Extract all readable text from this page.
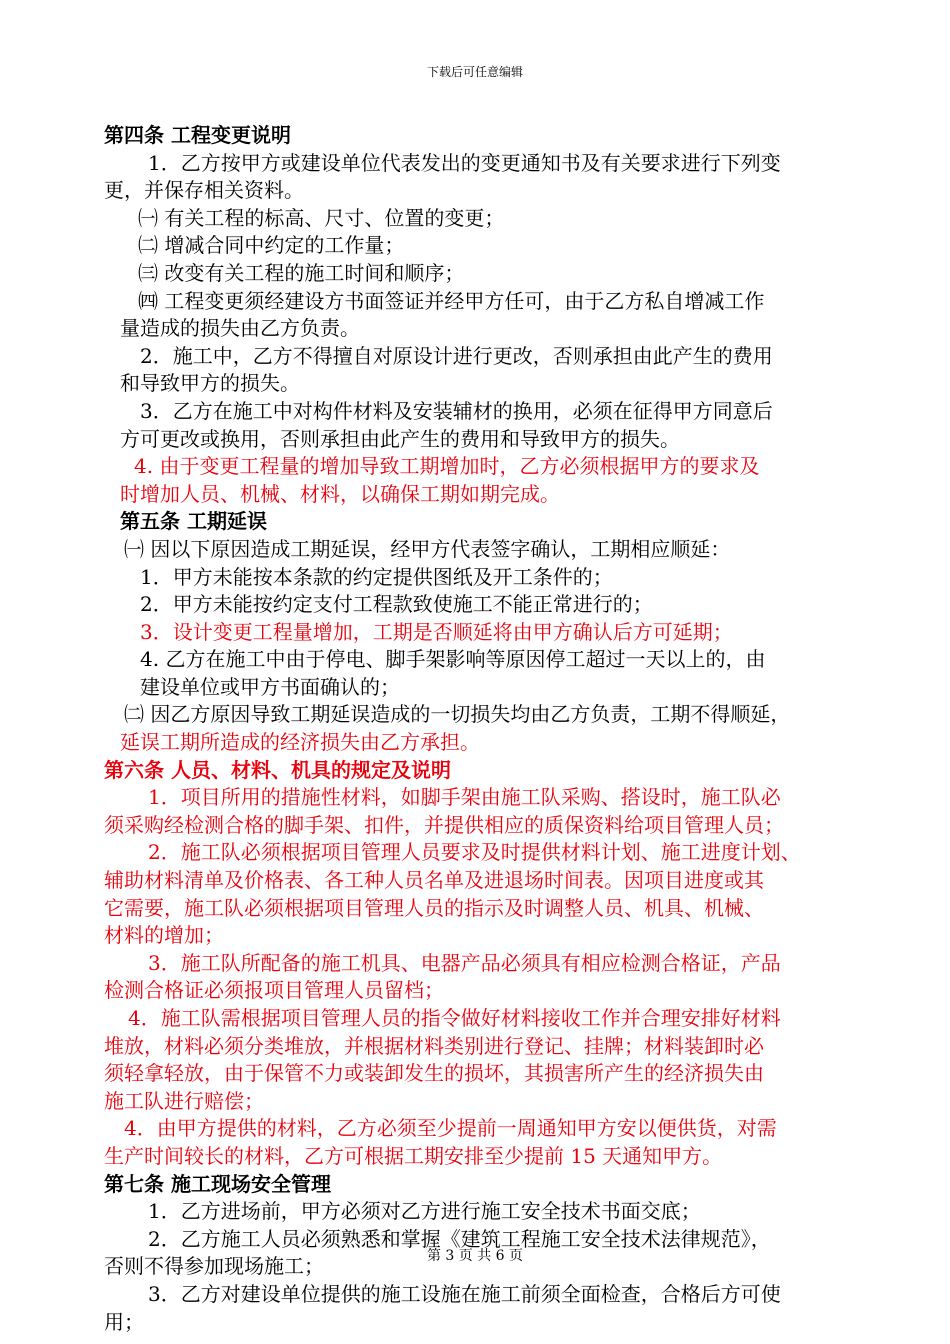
下载后可任意编辑
第四条 工程变更说明
1．乙方按甲方或建设单位代表发出的变更通知书及有关要求进行下列变
更，并保存相关资料。
㈠ 有关工程的标高、尺寸、位置的变更；
㈡ 增减合同中约定的工作量；
㈢ 改变有关工程的施工时间和顺序；
㈣ 工程变更须经建设方书面签证并经甲方任可，由于乙方私自增减工作
量造成的损失由乙方负责。
2．施工中，乙方不得擅自对原设计进行更改，否则承担由此产生的费用
和导致甲方的损失。
3．乙方在施工中对构件材料及安装辅材的换用，必须在征得甲方同意后
方可更改或换用，否则承担由此产生的费用和导致甲方的损失。
4. 由于变更工程量的增加导致工期增加时，乙方必须根据甲方的要求及
时增加人员、机械、材料，以确保工期如期完成。
第五条 工期延误
㈠ 因以下原因造成工期延误，经甲方代表签字确认，工期相应顺延：
1．甲方未能按本条款的约定提供图纸及开工条件的；
2．甲方未能按约定支付工程款致使施工不能正常进行的；
3．设计变更工程量增加，工期是否顺延将由甲方确认后方可延期；
4. 乙方在施工中由于停电、脚手架影响等原因停工超过一天以上的，由
建设单位或甲方书面确认的；
㈡ 因乙方原因导致工期延误造成的一切损失均由乙方负责，工期不得顺延，
延误工期所造成的经济损失由乙方承担。
第六条 人员、材料、机具的规定及说明
1．项目所用的措施性材料，如脚手架由施工队采购、搭设时，施工队必
须采购经检测合格的脚手架、扣件，并提供相应的质保资料给项目管理人员；
2．施工队必须根据项目管理人员要求及时提供材料计划、施工进度计划、
辅助材料清单及价格表、各工种人员名单及进退场时间表。因项目进度或其
它需要，施工队必须根据项目管理人员的指示及时调整人员、机具、机械、
材料的增加；
3．施工队所配备的施工机具、电器产品必须具有相应检测合格证，产品
检测合格证必须报项目管理人员留档；
4．施工队需根据项目管理人员的指令做好材料接收工作并合理安排好材料
堆放，材料必须分类堆放，并根据材料类别进行登记、挂牌；材料装卸时必
须轻拿轻放，由于保管不力或装卸发生的损坏，其损害所产生的经济损失由
施工队进行赔偿；
4．由甲方提供的材料，乙方必须至少提前一周通知甲方安以便供货，对需
生产时间较长的材料，乙方可根据工期安排至少提前 15 天通知甲方。
第七条 施工现场安全管理
1．乙方进场前，甲方必须对乙方进行施工安全技术书面交底；
2．乙方施工人员必须熟悉和掌握《建筑工程施工安全技术法律规范》，
否则不得参加现场施工；
3．乙方对建设单位提供的施工设施在施工前须全面检查，合格后方可使
用；
第 3 页 共 6 页
